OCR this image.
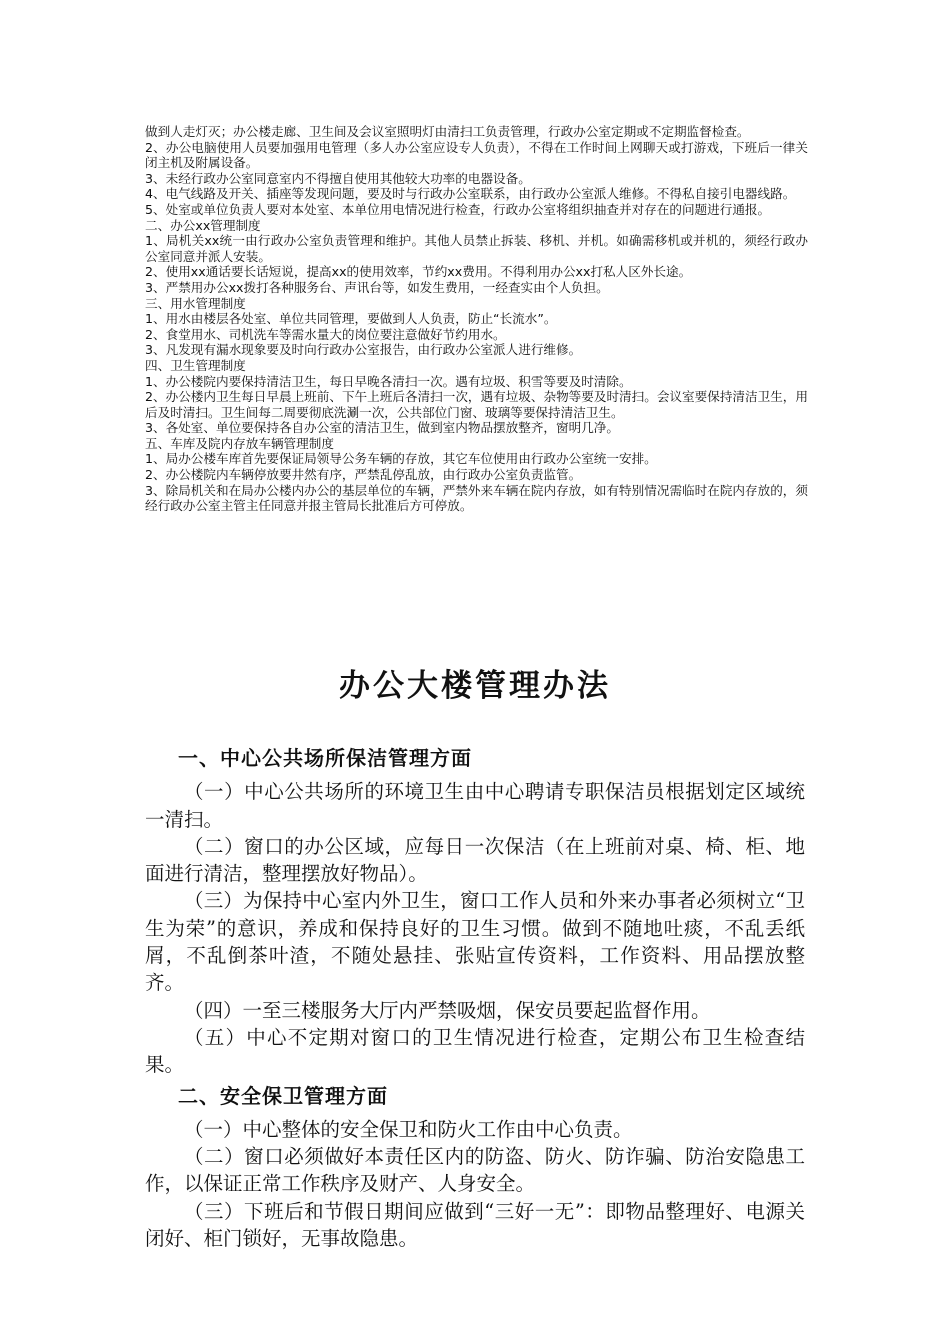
做到人走灯灭；办公楼走廊、卫生间及会议室照明灯由清扫工负责管理，行政办公室定期或不定期监督检查。

2、办公电脑使用人员要加强用电管理（多人办公室应设专人负责），不得在工作时间上网聊天或打游戏，下班后一律关闭主机及附属设备。

3、未经行政办公室同意室内不得擅自使用其他较大功率的电器设备。

4、电气线路及开关、插座等发现问题，要及时与行政办公室联系，由行政办公室派人维修。不得私自接引电器线路。

5、处室或单位负责人要对本处室、本单位用电情况进行检查，行政办公室将组织抽查并对存在的问题进行通报。

二、办公xx管理制度

1、局机关xx统一由行政办公室负责管理和维护。其他人员禁止拆装、移机、并机。如确需移机或并机的，须经行政办公室同意并派人安装。

2、使用xx通话要长话短说，提高xx的使用效率，节约xx费用。不得利用办公xx打私人区外长途。

3、严禁用办公xx拨打各种服务台、声讯台等，如发生费用，一经查实由个人负担。

三、用水管理制度

1、用水由楼层各处室、单位共同管理，要做到人人负责，防止“长流水”。

2、食堂用水、司机洗车等需水量大的岗位要注意做好节约用水。

3、凡发现有漏水现象要及时向行政办公室报告，由行政办公室派人进行维修。

四、卫生管理制度

1、办公楼院内要保持清洁卫生，每日早晚各清扫一次。遇有垃圾、积雪等要及时清除。

2、办公楼内卫生每日早晨上班前、下午上班后各清扫一次，遇有垃圾、杂物等要及时清扫。会议室要保持清洁卫生，用后及时清扫。卫生间每二周要彻底洗涮一次，公共部位门窗、玻璃等要保持清洁卫生。

3、各处室、单位要保持各自办公室的清洁卫生，做到室内物品摆放整齐，窗明几净。

五、车库及院内存放车辆管理制度

1、局办公楼车库首先要保证局领导公务车辆的存放，其它车位使用由行政办公室统一安排。

2、办公楼院内车辆停放要井然有序，严禁乱停乱放，由行政办公室负责监管。

3、除局机关和在局办公楼内办公的基层单位的车辆，严禁外来车辆在院内存放，如有特别情况需临时在院内存放的，须经行政办公室主管主任同意并报主管局长批准后方可停放。

办公大楼管理办法
一、中心公共场所保洁管理方面

（一）中心公共场所的环境卫生由中心聘请专职保洁员根据划定区域统一清扫。

（二）窗口的办公区域，应每日一次保洁（在上班前对桌、椅、柜、地面进行清洁，整理摆放好物品）。

（三）为保持中心室内外卫生，窗口工作人员和外来办事者必须树立“卫生为荣”的意识，养成和保持良好的卫生习惯。做到不随地吐痰，不乱丢纸屑，不乱倒茶叶渣，不随处悬挂、张贴宣传资料，工作资料、用品摆放整齐。

（四）一至三楼服务大厅内严禁吸烟，保安员要起监督作用。

（五）中心不定期对窗口的卫生情况进行检查，定期公布卫生检查结果。

二、安全保卫管理方面

（一）中心整体的安全保卫和防火工作由中心负责。

（二）窗口必须做好本责任区内的防盗、防火、防诈骗、防治安隐患工作，以保证正常工作秩序及财产、人身安全。

（三）下班后和节假日期间应做到“三好一无”：即物品整理好、电源关闭好、柜门锁好，无事故隐患。
